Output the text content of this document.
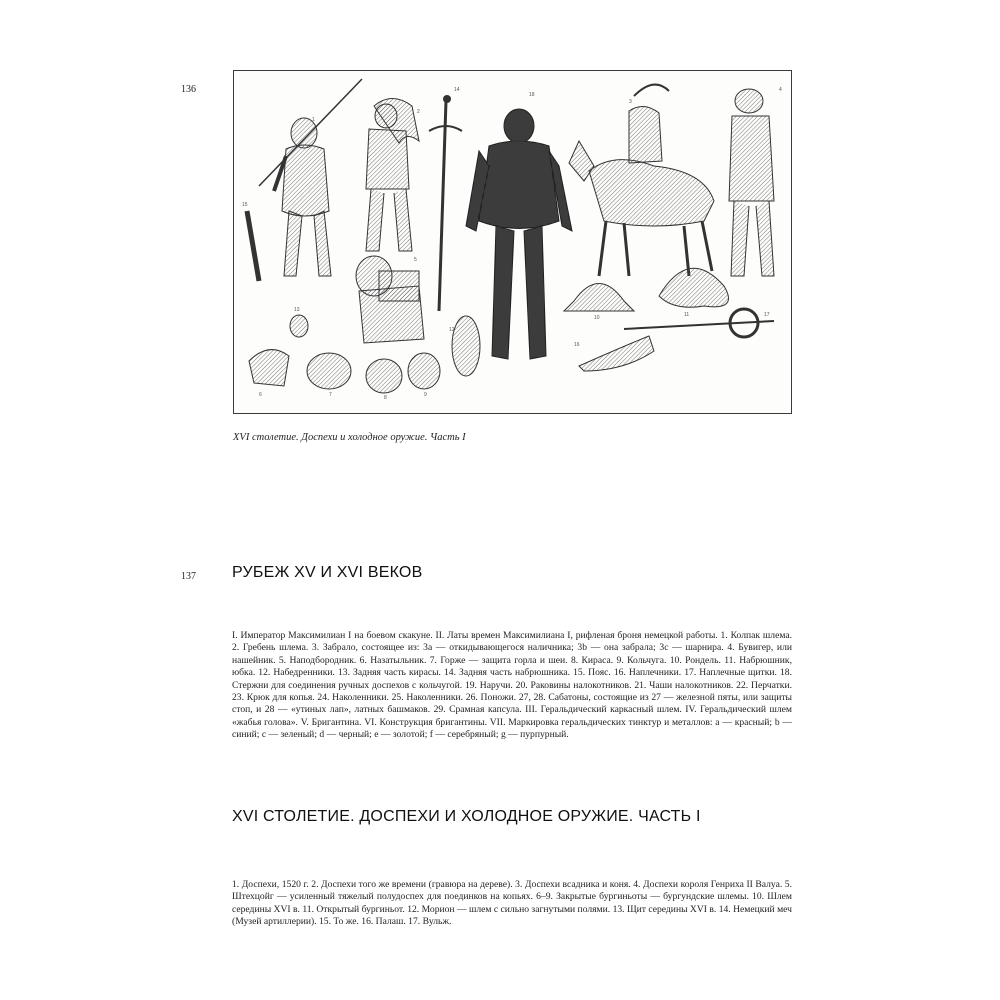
136
13
1
2
3
4
5
6	7	8	9
10	11
12
14
15
16
17
18
XVI столетие. Доспехи и холодное оружие. Часть I
137 РУБЕЖ XV И XVI ВЕКОВ
I. Император Максимилиан I на боевом скакуне. II. Латы времен Максимилиана I, рифленая броня немецкой работы. 1. Колпак шлема. 2. Гребень шлема. 3. Забрало, состоящее из: 3a — откидывающегося наличника; 3b — она забрала; 3c — шарнира. 4. Бувигер, или нашейник. 5. Наподбородник. 6. Назатыльник. 7. Горже — защита горла и шеи. 8. Кираса. 9. Кольчуга. 10. Рондель. 11. Набрюшник, юбка. 12. Набедренники. 13. Задняя часть кирасы. 14. Задняя часть набрюшника. 15. Пояс. 16. Наплечники. 17. Наплечные щитки. 18. Стержни для соединения ручных доспехов с кольчугой. 19. Наручи. 20. Раковины налокотников. 21. Чаши налокотников. 22. Перчатки. 23. Крюк для копья. 24. Наколенники. 25. Наколенники. 26. Поножи. 27, 28. Сабатоны, состоящие из 27 — железной пяты, или защиты стоп, и 28 — «утиных лап», латных башмаков. 29. Срамная капсула. III. Геральдический каркасный шлем. IV. Геральдический шлем «жабья голова». V. Бригантина. VI. Конструкция бригантины. VII. Маркировка геральдических тинктур и металлов: a — красный; b — синий; c — зеленый; d — черный; e — золотой; f — серебряный; g — пурпурный.
XVI СТОЛЕТИЕ. ДОСПЕХИ И ХОЛОДНОЕ ОРУЖИЕ. ЧАСТЬ I
1. Доспехи, 1520 г. 2. Доспехи того же времени (гравюра на дереве). 3. Доспехи всадника и коня. 4. Доспехи короля Генриха II Валуа. 5. Штехцойг — усиленный тяжелый полудоспех для поединков на копьях. 6–9. Закрытые бургиньоты — бургундские шлемы. 10. Шлем середины XVI в. 11. Открытый бургиньот. 12. Морион — шлем с сильно загнутыми полями. 13. Щит середины XVI в. 14. Немецкий меч (Музей артиллерии). 15. То же. 16. Палаш. 17. Вульж.
